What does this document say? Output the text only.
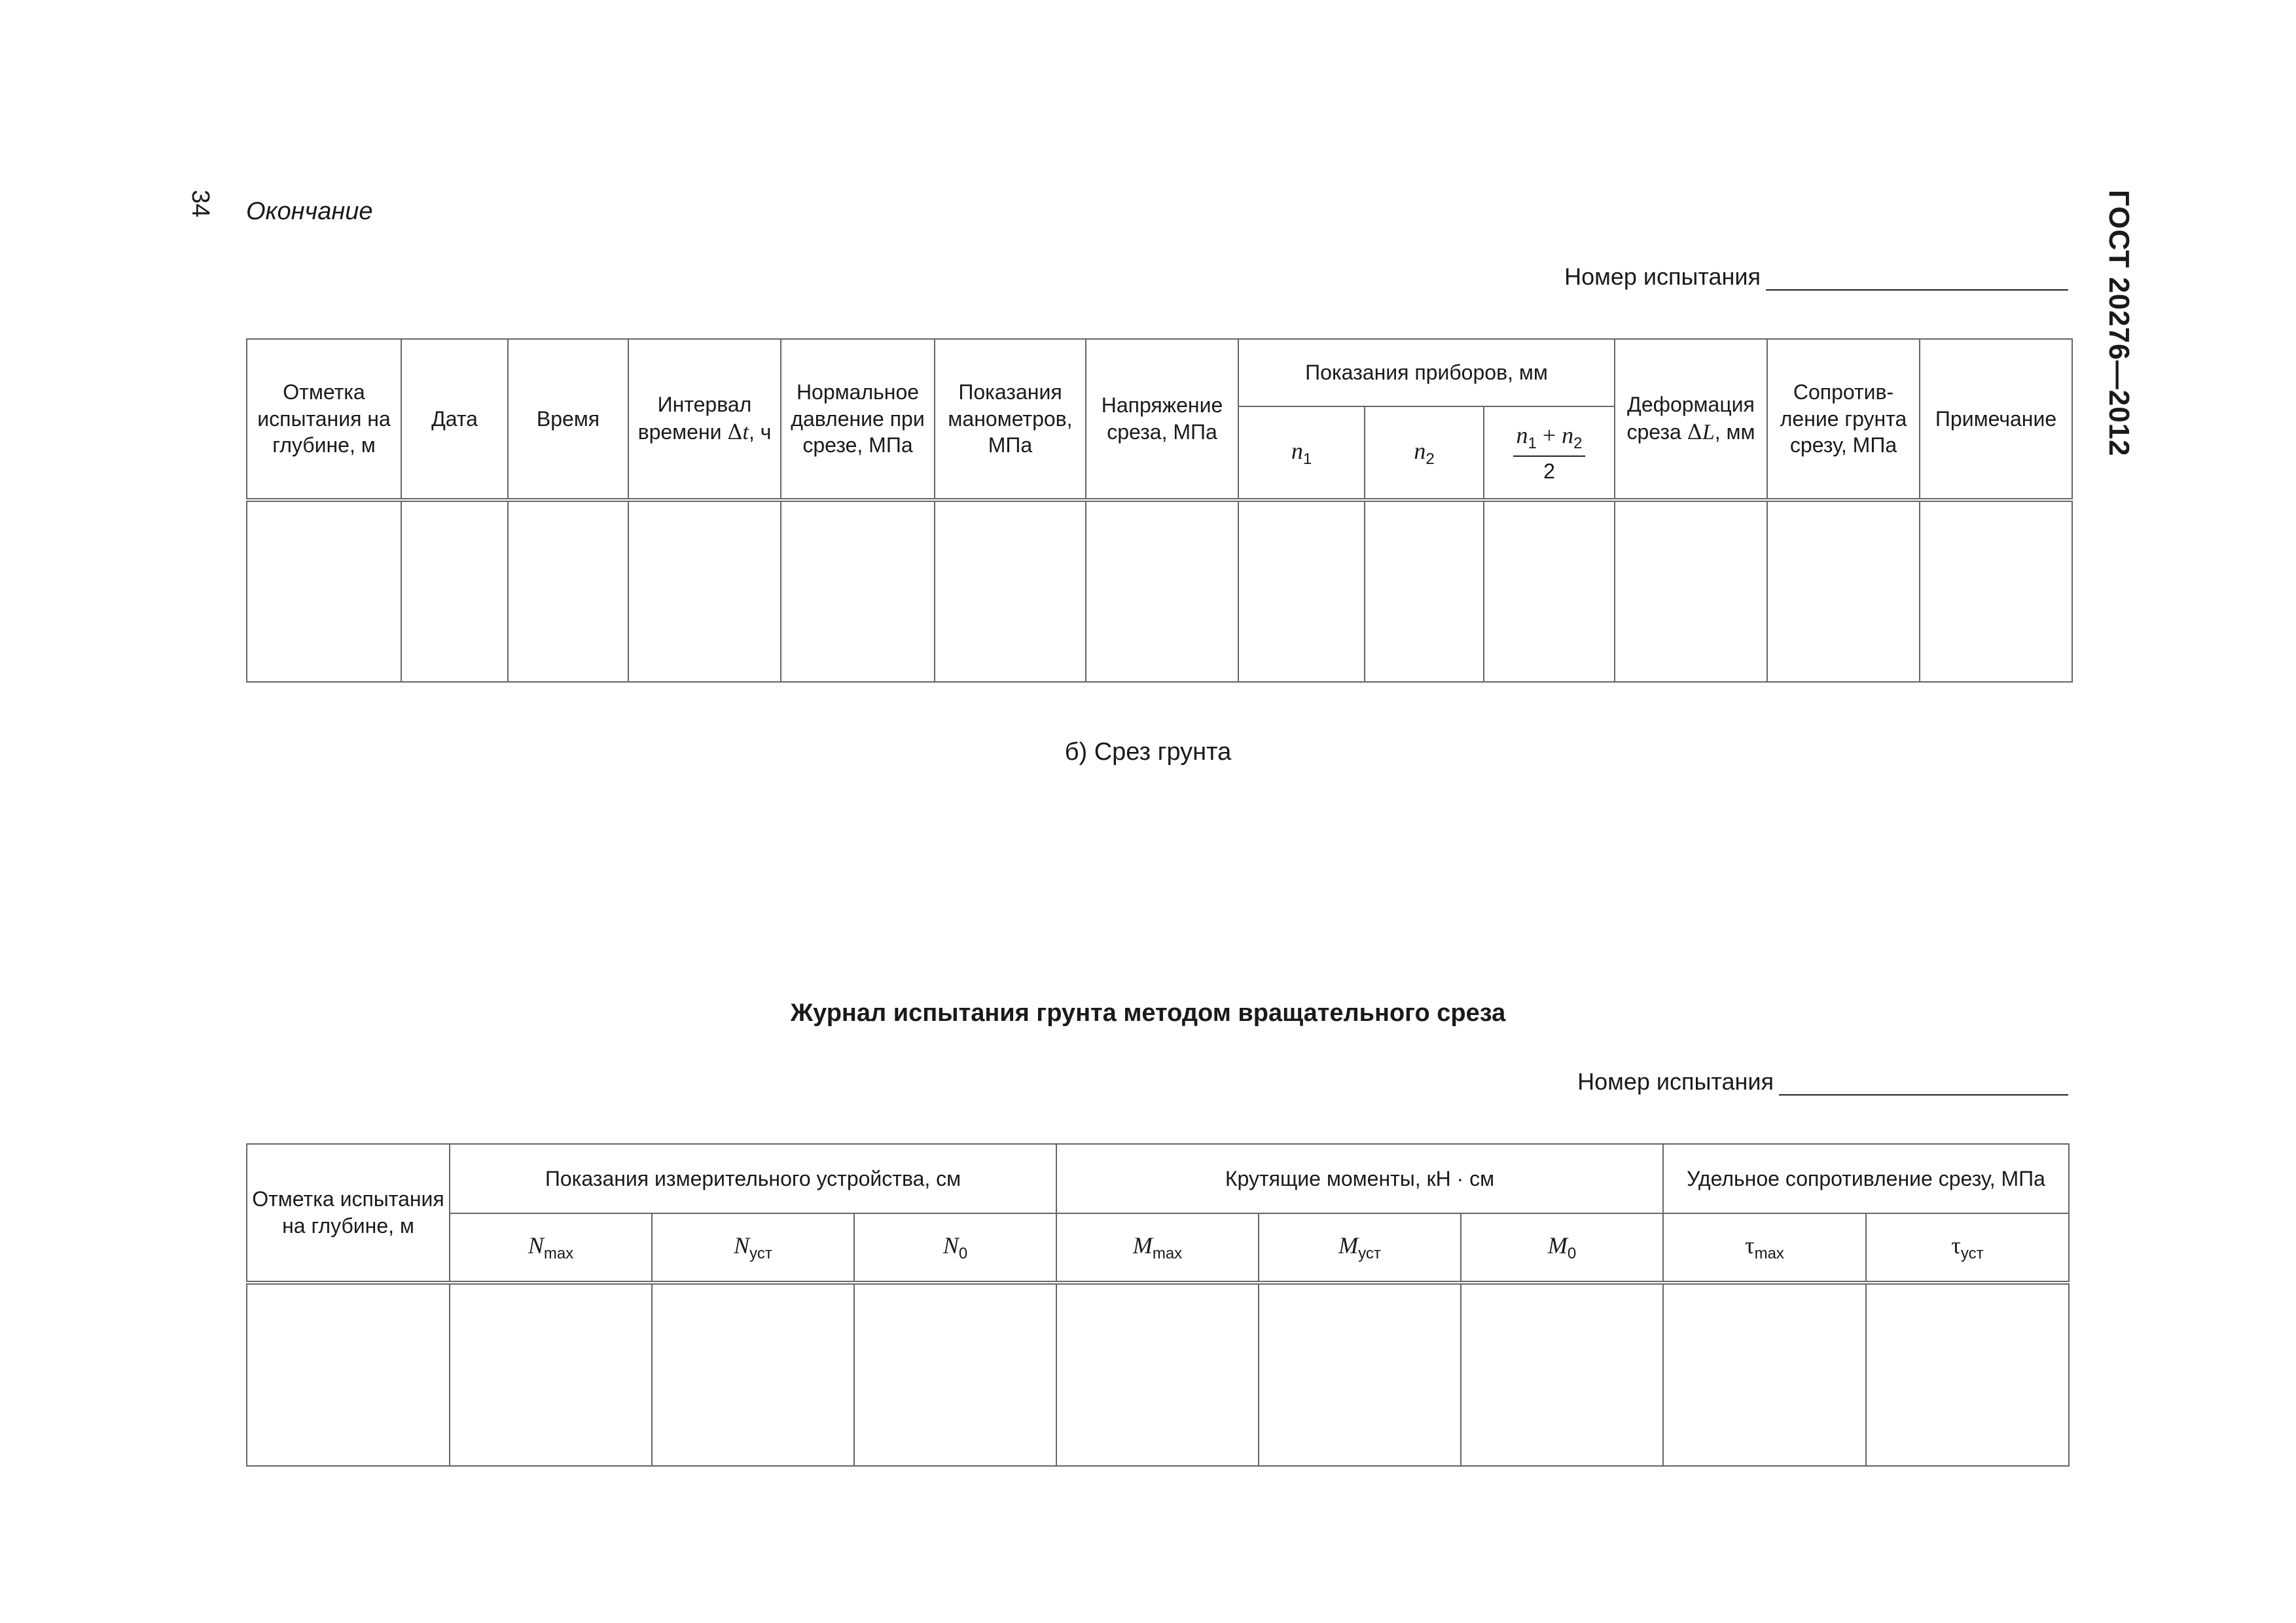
34 Окончание	ГОСТ 20276—2012
Номер испытания
Отметка испытания на глубине, м	Дата	Время	Интервал времени Δt, ч	Нормальное давление при срезе, МПа	Показания манометров, МПа	Напряжение среза, МПа	Показания приборов, мм			Деформация среза ΔL, мм	Сопротив-ление грунта срезу, МПа	Примечание
							$n_1$	$n_2$	$\frac{n_1 + n_2}{2}$

б) Срез грунта
Журнал испытания грунта методом вращательного среза
Номер испытания
Отметка испытания на глубине, м	Показания измерительного устройства, см			Крутящие моменты, кН · см			Удельное сопротивление срезу, МПа	
	$N_{max}$	$N_{уст}$	$N_0$	$M_{max}$	$M_{уст}$	$M_0$	$\tau_{max}$	$\tau_{уст}$
